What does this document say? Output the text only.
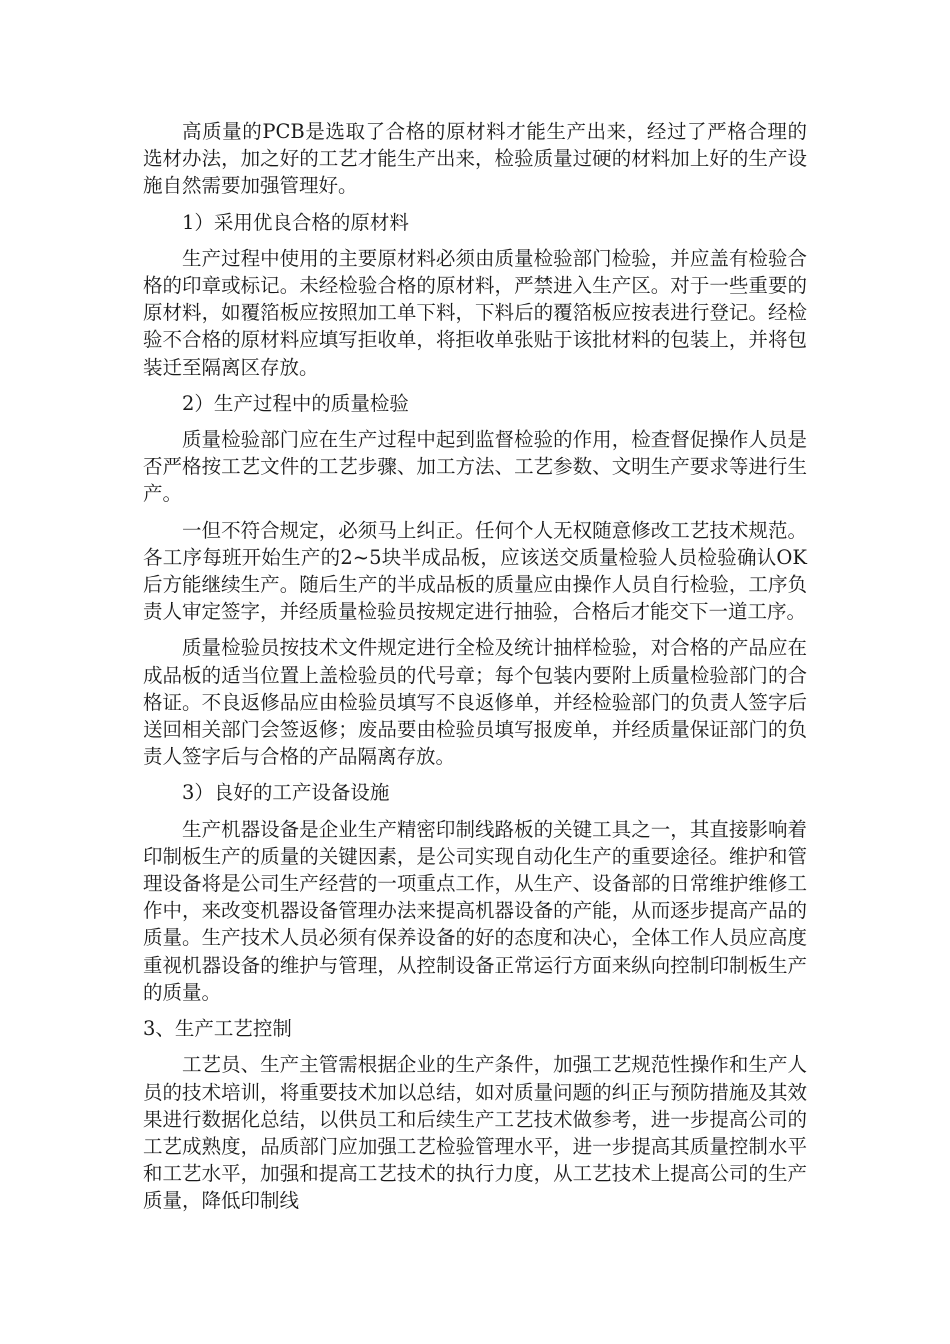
高质量的PCB是选取了合格的原材料才能生产出来，经过了严格合理的选材办法，加之好的工艺才能生产出来，检验质量过硬的材料加上好的生产设施自然需要加强管理好。

1）采用优良合格的原材料

生产过程中使用的主要原材料必须由质量检验部门检验，并应盖有检验合格的印章或标记。未经检验合格的原材料，严禁进入生产区。对于一些重要的原材料，如覆箔板应按照加工单下料，下料后的覆箔板应按表进行登记。经检验不合格的原材料应填写拒收单，将拒收单张贴于该批材料的包装上，并将包装迁至隔离区存放。

2）生产过程中的质量检验

质量检验部门应在生产过程中起到监督检验的作用，检查督促操作人员是否严格按工艺文件的工艺步骤、加工方法、工艺参数、文明生产要求等进行生产。

一但不符合规定，必须马上纠正。任何个人无权随意修改工艺技术规范。各工序每班开始生产的2~5块半成品板，应该送交质量检验人员检验确认OK后方能继续生产。随后生产的半成品板的质量应由操作人员自行检验，工序负责人审定签字，并经质量检验员按规定进行抽验，合格后才能交下一道工序。

质量检验员按技术文件规定进行全检及统计抽样检验，对合格的产品应在成品板的适当位置上盖检验员的代号章；每个包装内要附上质量检验部门的合格证。不良返修品应由检验员填写不良返修单，并经检验部门的负责人签字后送回相关部门会签返修；废品要由检验员填写报废单，并经质量保证部门的负责人签字后与合格的产品隔离存放。

3）良好的工产设备设施

生产机器设备是企业生产精密印制线路板的关键工具之一，其直接影响着印制板生产的质量的关键因素，是公司实现自动化生产的重要途径。维护和管理设备将是公司生产经营的一项重点工作，从生产、设备部的日常维护维修工作中，来改变机器设备管理办法来提高机器设备的产能，从而逐步提高产品的质量。生产技术人员必须有保养设备的好的态度和决心，全体工作人员应高度重视机器设备的维护与管理，从控制设备正常运行方面来纵向控制印制板生产的质量。

3、生产工艺控制

工艺员、生产主管需根据企业的生产条件，加强工艺规范性操作和生产人员的技术培训，将重要技术加以总结，如对质量问题的纠正与预防措施及其效果进行数据化总结，以供员工和后续生产工艺技术做参考，进一步提高公司的工艺成熟度，品质部门应加强工艺检验管理水平，进一步提高其质量控制水平和工艺水平，加强和提高工艺技术的执行力度，从工艺技术上提高公司的生产质量，降低印制线
